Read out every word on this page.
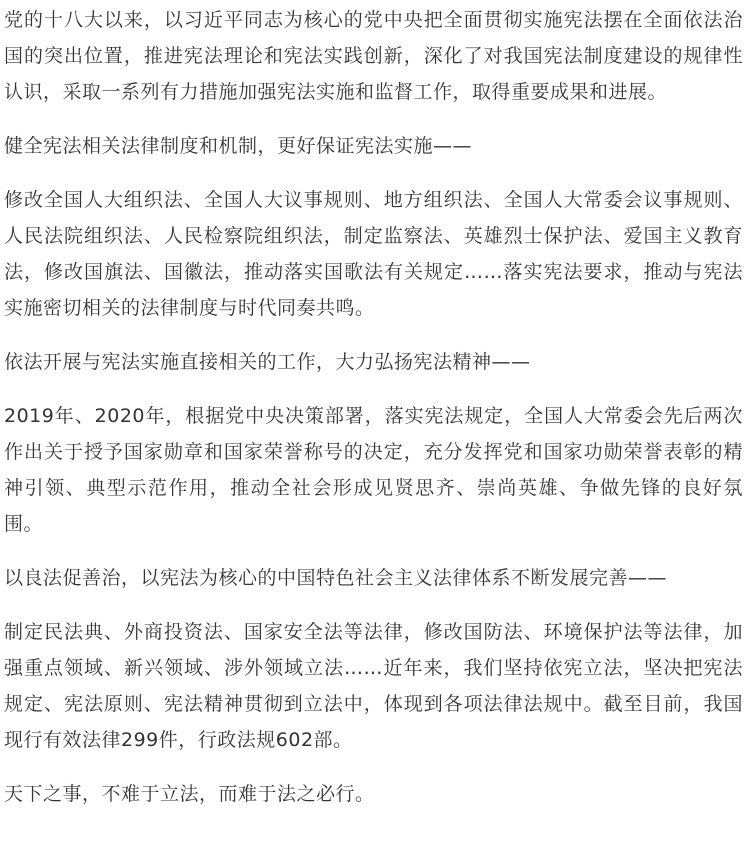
党的十八大以来，以习近平同志为核心的党中央把全面贯彻实施宪法摆在全面依法治国的突出位置，推进宪法理论和宪法实践创新，深化了对我国宪法制度建设的规律性认识，采取一系列有力措施加强宪法实施和监督工作，取得重要成果和进展。

健全宪法相关法律制度和机制，更好保证宪法实施——

修改全国人大组织法、全国人大议事规则、地方组织法、全国人大常委会议事规则、人民法院组织法、人民检察院组织法，制定监察法、英雄烈士保护法、爱国主义教育法，修改国旗法、国徽法，推动落实国歌法有关规定……落实宪法要求，推动与宪法实施密切相关的法律制度与时代同奏共鸣。

依法开展与宪法实施直接相关的工作，大力弘扬宪法精神——

2019年、2020年，根据党中央决策部署，落实宪法规定，全国人大常委会先后两次作出关于授予国家勋章和国家荣誉称号的决定，充分发挥党和国家功勋荣誉表彰的精神引领、典型示范作用，推动全社会形成见贤思齐、崇尚英雄、争做先锋的良好氛围。

以良法促善治，以宪法为核心的中国特色社会主义法律体系不断发展完善——

制定民法典、外商投资法、国家安全法等法律，修改国防法、环境保护法等法律，加强重点领域、新兴领域、涉外领域立法……近年来，我们坚持依宪立法，坚决把宪法规定、宪法原则、宪法精神贯彻到立法中，体现到各项法律法规中。截至目前，我国现行有效法律299件，行政法规602部。

天下之事，不难于立法，而难于法之必行。
